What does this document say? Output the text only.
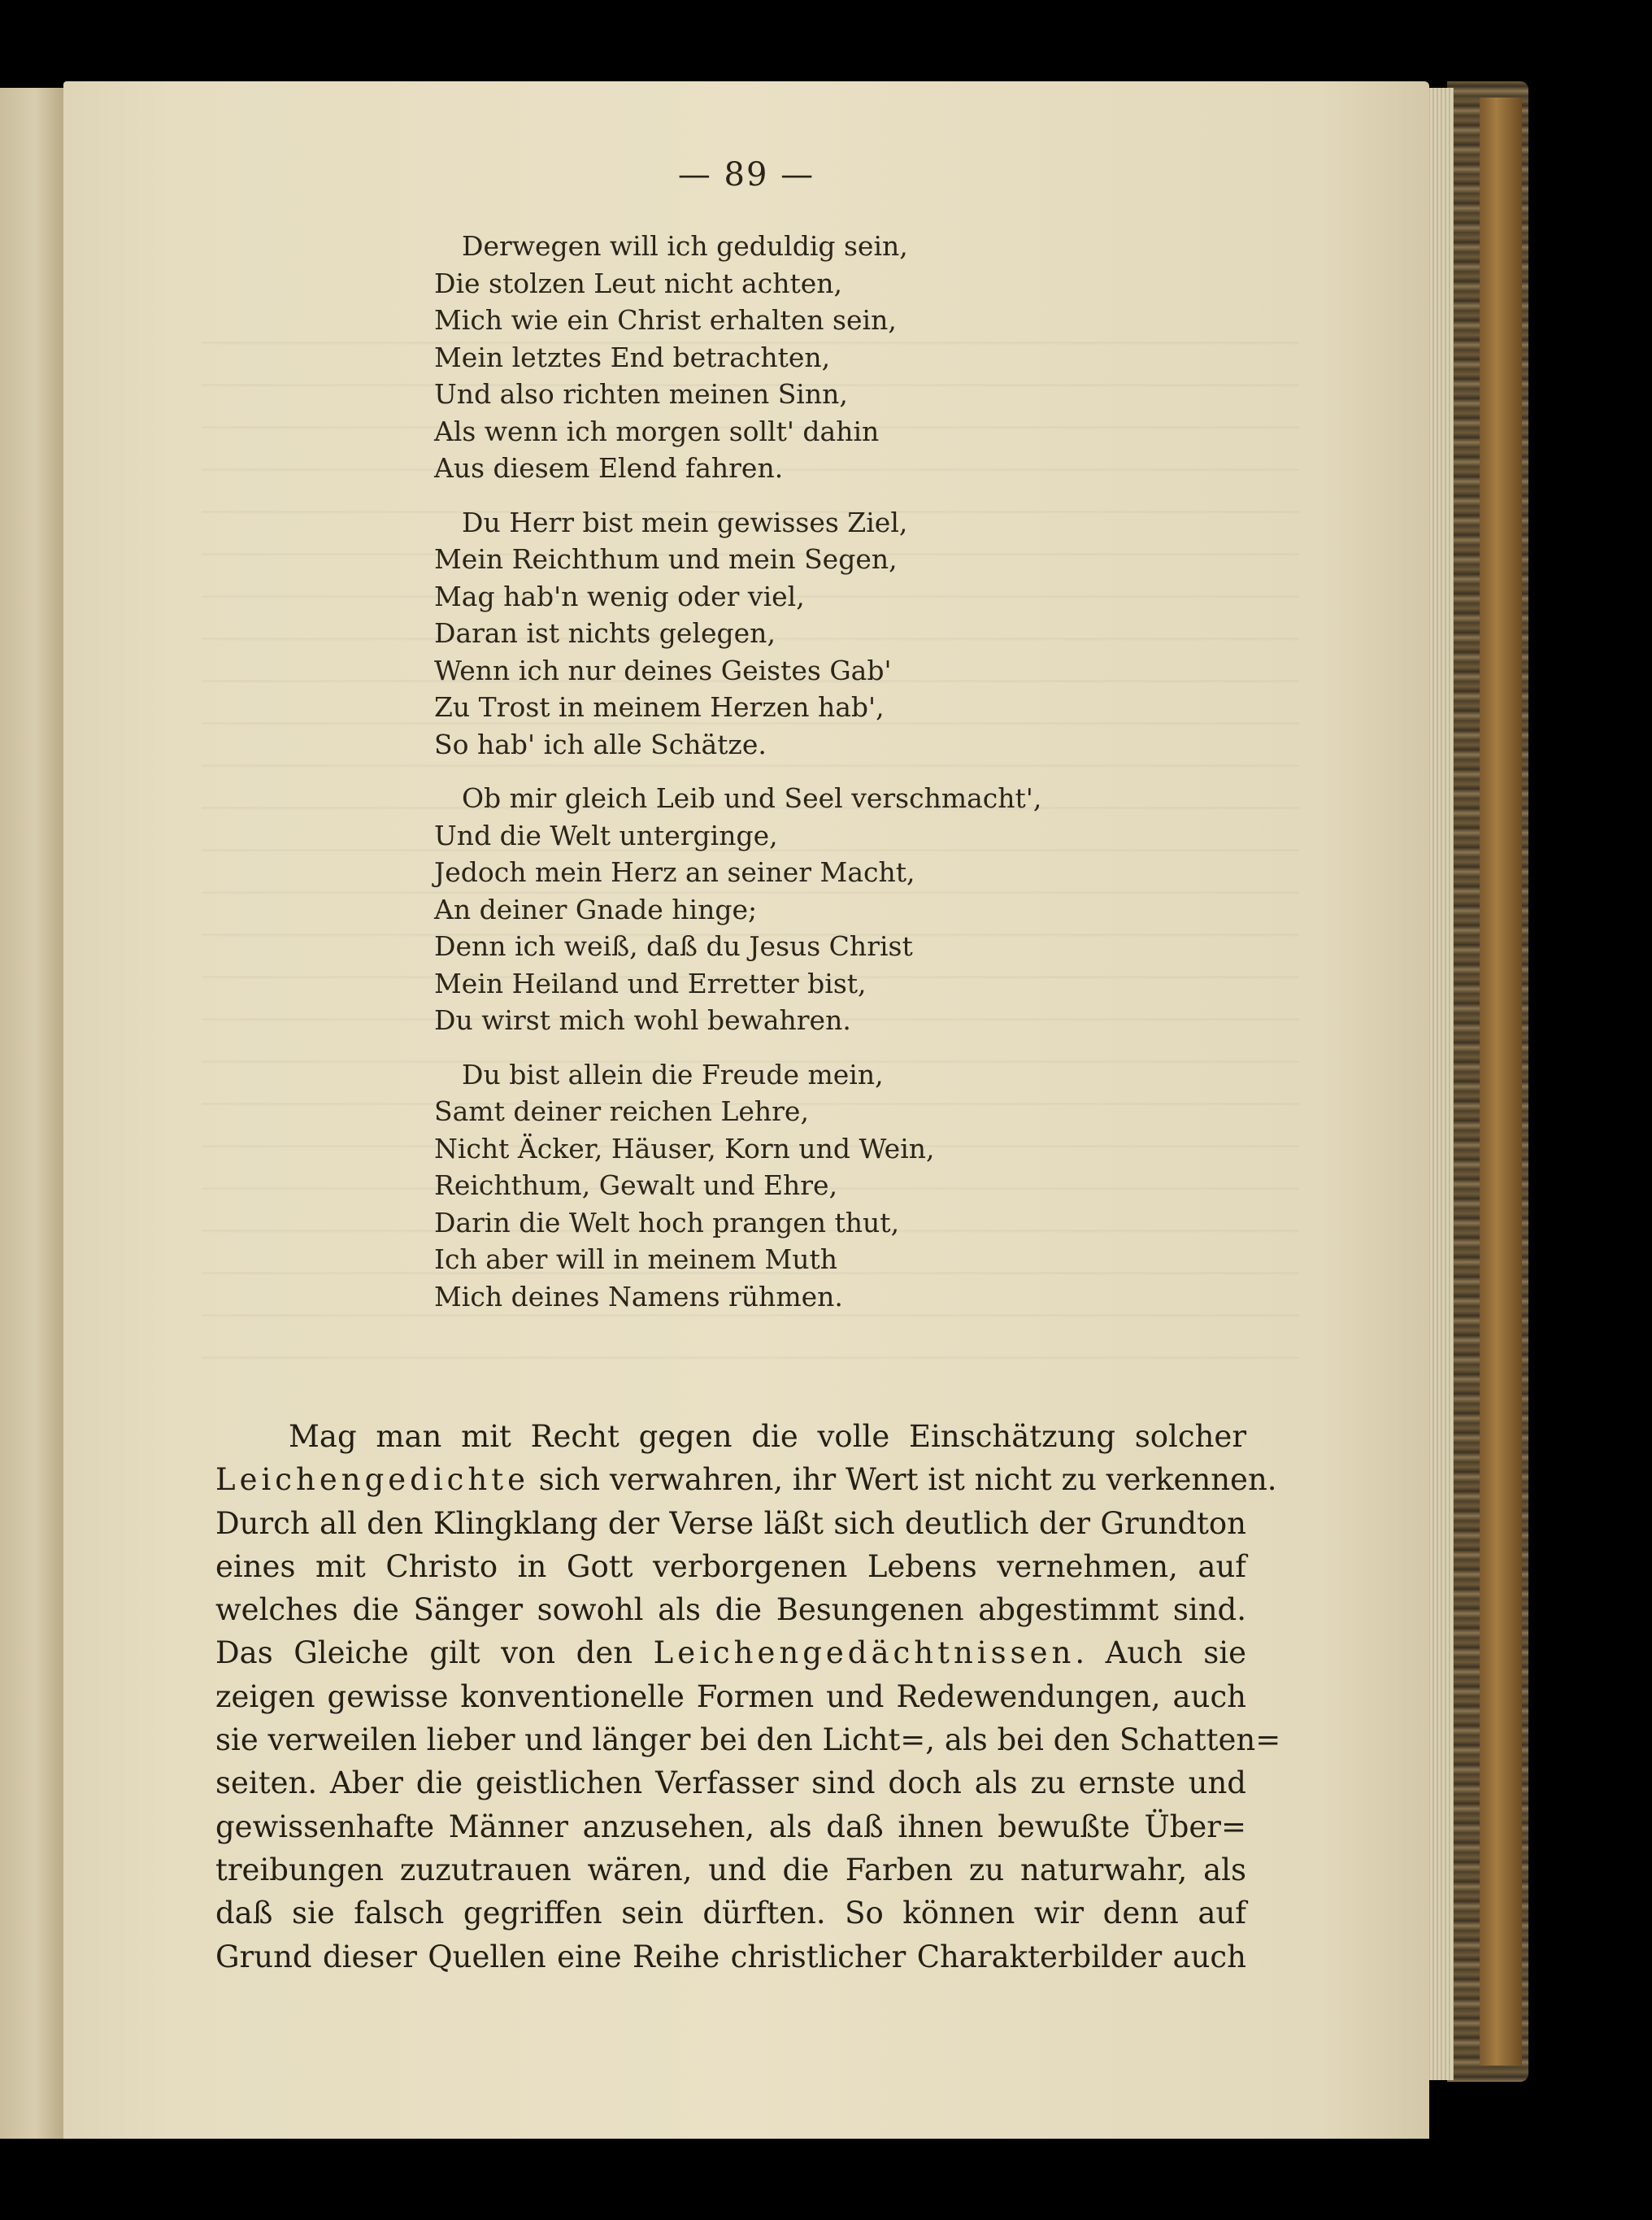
— 89 —
Derwegen will ich geduldig sein,
Die stolzen Leut nicht achten,
Mich wie ein Christ erhalten sein,
Mein letztes End betrachten,
Und also richten meinen Sinn,
Als wenn ich morgen sollt' dahin
Aus diesem Elend fahren.
Du Herr bist mein gewisses Ziel,
Mein Reichthum und mein Segen,
Mag hab'n wenig oder viel,
Daran ist nichts gelegen,
Wenn ich nur deines Geistes Gab'
Zu Trost in meinem Herzen hab',
So hab' ich alle Schätze.
Ob mir gleich Leib und Seel verschmacht',
Und die Welt unterginge,
Jedoch mein Herz an seiner Macht,
An deiner Gnade hinge;
Denn ich weiß, daß du Jesus Christ
Mein Heiland und Erretter bist,
Du wirst mich wohl bewahren.
Du bist allein die Freude mein,
Samt deiner reichen Lehre,
Nicht Äcker, Häuser, Korn und Wein,
Reichthum, Gewalt und Ehre,
Darin die Welt hoch prangen thut,
Ich aber will in meinem Muth
Mich deines Namens rühmen.
Mag man mit Recht gegen die volle Einschätzung solcher
Leichengedichte sich verwahren, ihr Wert ist nicht zu verkennen.
Durch all den Klingklang der Verse läßt sich deutlich der Grundton
eines mit Christo in Gott verborgenen Lebens vernehmen, auf
welches die Sänger sowohl als die Besungenen abgestimmt sind.
Das Gleiche gilt von den Leichengedächtnissen. Auch sie
zeigen gewisse konventionelle Formen und Redewendungen, auch
sie verweilen lieber und länger bei den Licht=, als bei den Schatten=
seiten. Aber die geistlichen Verfasser sind doch als zu ernste und
gewissenhafte Männer anzusehen, als daß ihnen bewußte Über=
treibungen zuzutrauen wären, und die Farben zu naturwahr, als
daß sie falsch gegriffen sein dürften. So können wir denn auf
Grund dieser Quellen eine Reihe christlicher Charakterbilder auch
